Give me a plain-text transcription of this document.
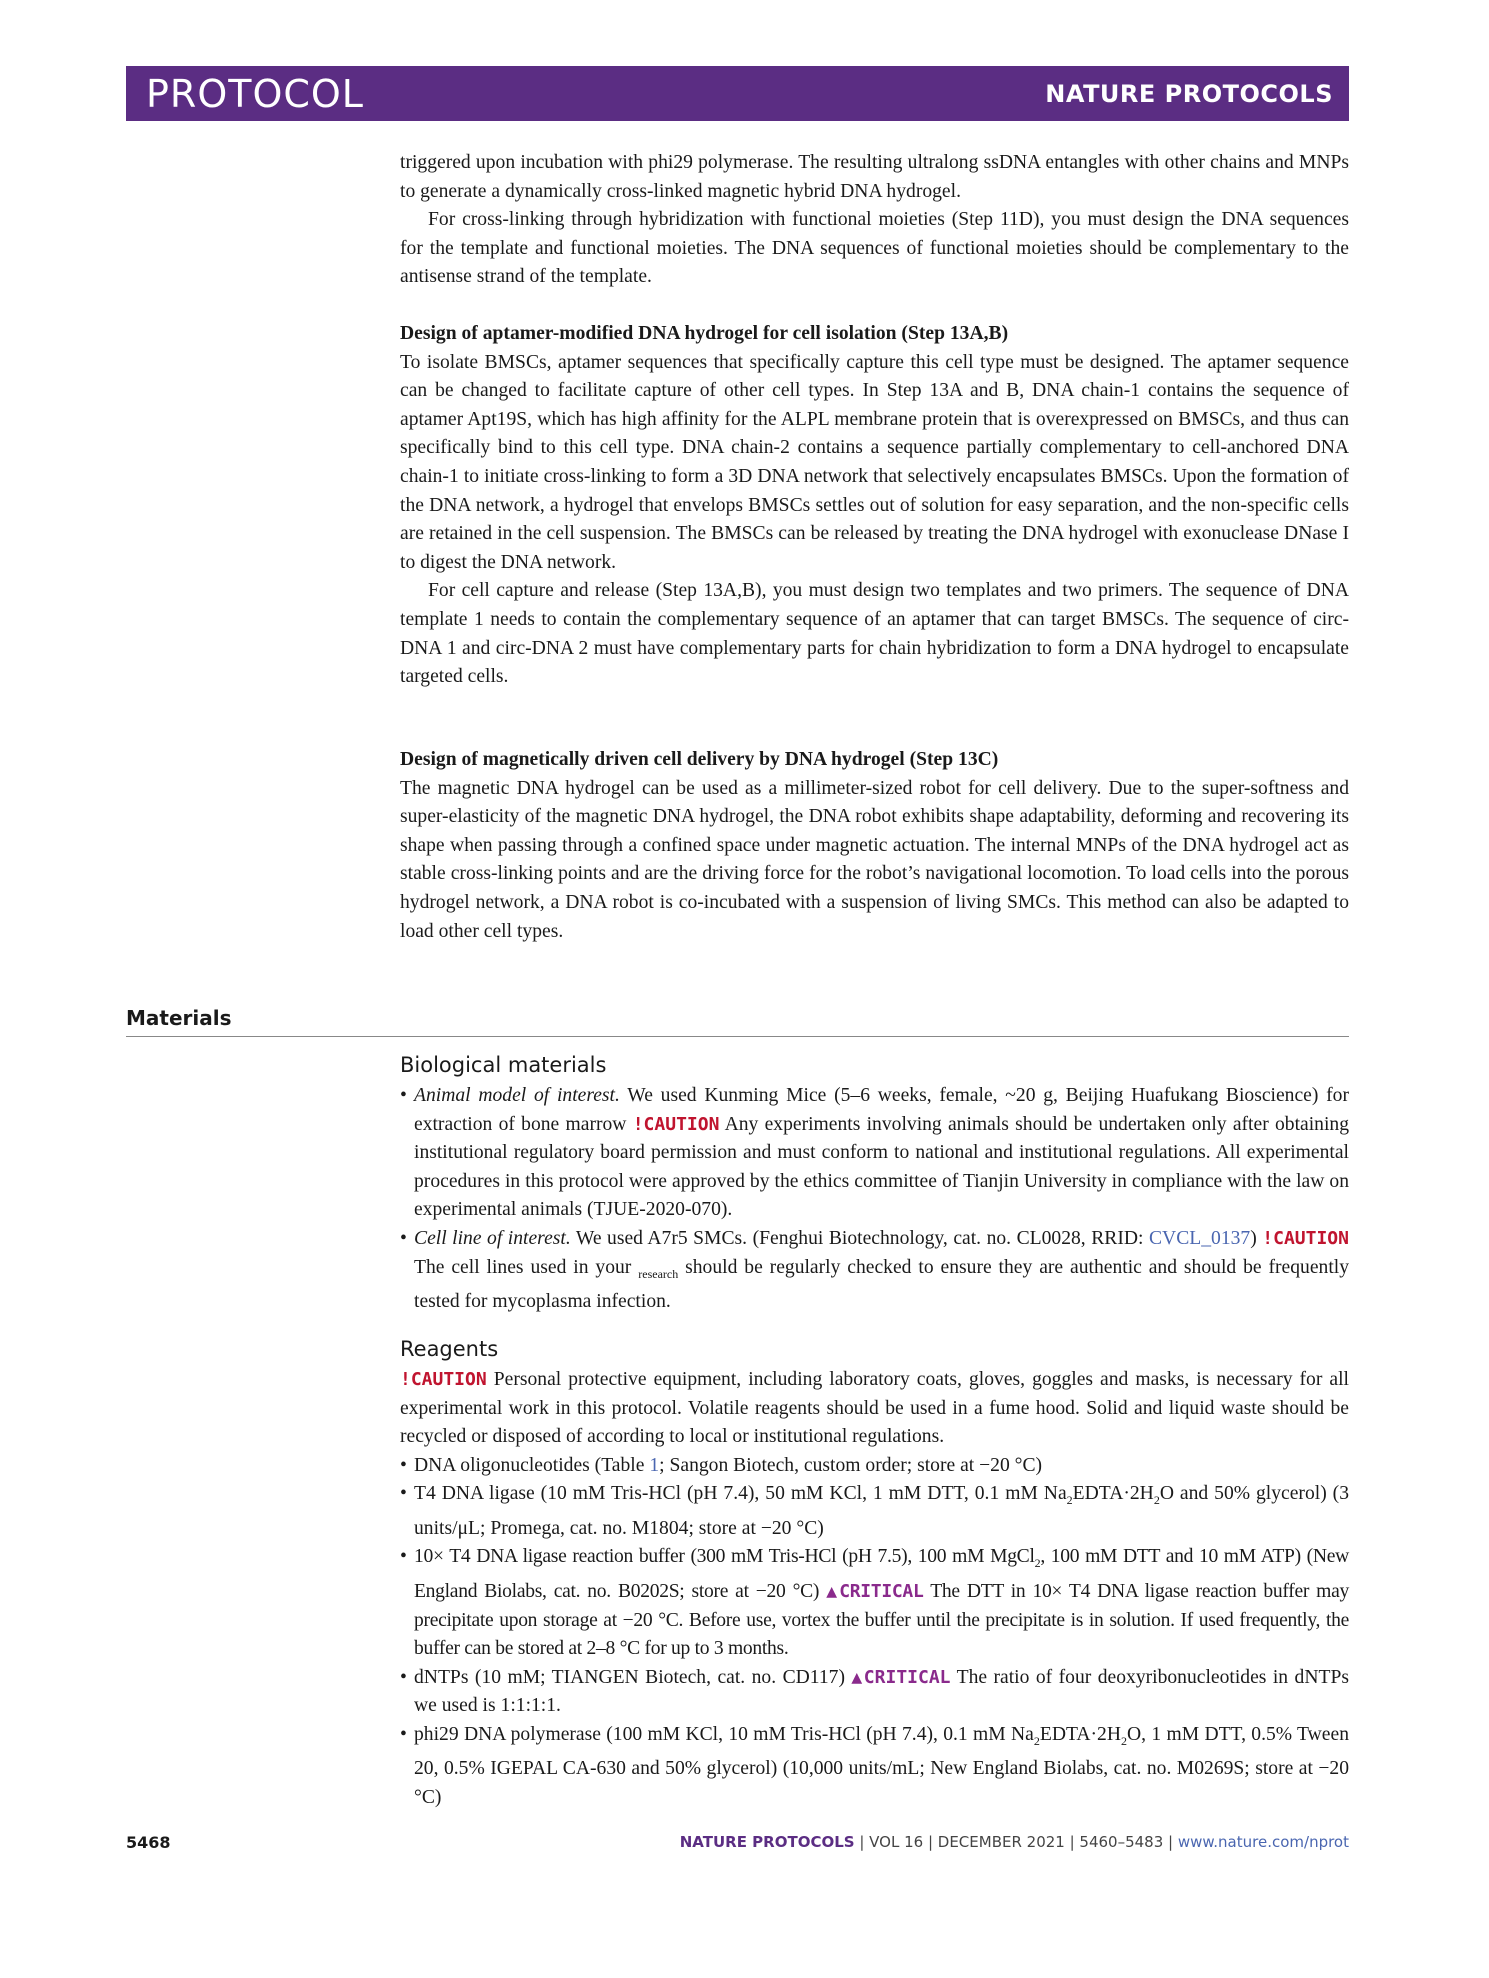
PROTOCOL	NATURE PROTOCOLS

triggered upon incubation with phi29 polymerase. The resulting ultralong ssDNA entangles with other chains and MNPs to generate a dynamically cross-linked magnetic hybrid DNA hydrogel.

For cross-linking through hybridization with functional moieties (Step 11D), you must design the DNA sequences for the template and functional moieties. The DNA sequences of functional moieties should be complementary to the antisense strand of the template.

Design of aptamer-modified DNA hydrogel for cell isolation (Step 13A,B)

To isolate BMSCs, aptamer sequences that specifically capture this cell type must be designed. The aptamer sequence can be changed to facilitate capture of other cell types. In Step 13A and B, DNA chain-1 contains the sequence of aptamer Apt19S, which has high affinity for the ALPL membrane protein that is overexpressed on BMSCs, and thus can specifically bind to this cell type. DNA chain-2 contains a sequence partially complementary to cell-anchored DNA chain-1 to initiate cross-linking to form a 3D DNA network that selectively encapsulates BMSCs. Upon the formation of the DNA network, a hydrogel that envelops BMSCs settles out of solution for easy separation, and the non-specific cells are retained in the cell suspension. The BMSCs can be released by treating the DNA hydrogel with exonuclease DNase I to digest the DNA network.

For cell capture and release (Step 13A,B), you must design two templates and two primers. The sequence of DNA template 1 needs to contain the complementary sequence of an aptamer that can target BMSCs. The sequence of circ-DNA 1 and circ-DNA 2 must have complementary parts for chain hybridization to form a DNA hydrogel to encapsulate targeted cells.

Design of magnetically driven cell delivery by DNA hydrogel (Step 13C)

The magnetic DNA hydrogel can be used as a millimeter-sized robot for cell delivery. Due to the super-softness and super-elasticity of the magnetic DNA hydrogel, the DNA robot exhibits shape adaptability, deforming and recovering its shape when passing through a confined space under magnetic actuation. The internal MNPs of the DNA hydrogel act as stable cross-linking points and are the driving force for the robot’s navigational locomotion. To load cells into the porous hydrogel network, a DNA robot is co-incubated with a suspension of living SMCs. This method can also be adapted to load other cell types.

Materials

Biological materials

• Animal model of interest. We used Kunming Mice (5–6 weeks, female, ~20 g, Beijing Huafukang Bioscience) for extraction of bone marrow !CAUTION Any experiments involving animals should be undertaken only after obtaining institutional regulatory board permission and must conform to national and institutional regulations. All experimental procedures in this protocol were approved by the ethics committee of Tianjin University in compliance with the law on experimental animals (TJUE-2020-070).
• Cell line of interest. We used A7r5 SMCs. (Fenghui Biotechnology, cat. no. CL0028, RRID: CVCL_0137) !CAUTION The cell lines used in your $_{research}$ should be regularly checked to ensure they are authentic and should be frequently tested for mycoplasma infection.

Reagents

!CAUTION Personal protective equipment, including laboratory coats, gloves, goggles and masks, is necessary for all experimental work in this protocol. Volatile reagents should be used in a fume hood. Solid and liquid waste should be recycled or disposed of according to local or institutional regulations.

• DNA oligonucleotides (Table 1; Sangon Biotech, custom order; store at −20 °C)
• T4 DNA ligase (10 mM Tris-HCl (pH 7.4), 50 mM KCl, 1 mM DTT, 0.1 mM $Na_2EDTA\cdot 2H_2O$ and 50% glycerol) (3 units/μL; Promega, cat. no. M1804; store at −20 °C)
• 10× T4 DNA ligase reaction buffer (300 mM Tris-HCl (pH 7.5), 100 mM MgCl$_2$, 100 mM DTT and 10 mM ATP) (New England Biolabs, cat. no. B0202S; store at −20 °C) ▲CRITICAL The DTT in 10× T4 DNA ligase reaction buffer may precipitate upon storage at −20 °C. Before use, vortex the buffer until the precipitate is in solution. If used frequently, the buffer can be stored at 2–8 °C for up to 3 months.
• dNTPs (10 mM; TIANGEN Biotech, cat. no. CD117) ▲CRITICAL The ratio of four deoxyribonucleotides in dNTPs we used is 1:1:1:1.
• phi29 DNA polymerase (100 mM KCl, 10 mM Tris-HCl (pH 7.4), 0.1 mM $Na_2EDTA\cdot 2H_2O$, 1 mM DTT, 0.5% Tween 20, 0.5% IGEPAL CA-630 and 50% glycerol) (10,000 units/mL; New England Biolabs, cat. no. M0269S; store at −20 °C)
5468	NATURE PROTOCOLS | VOL 16 | DECEMBER 2021 | 5460–5483 | www.nature.com/nprot
